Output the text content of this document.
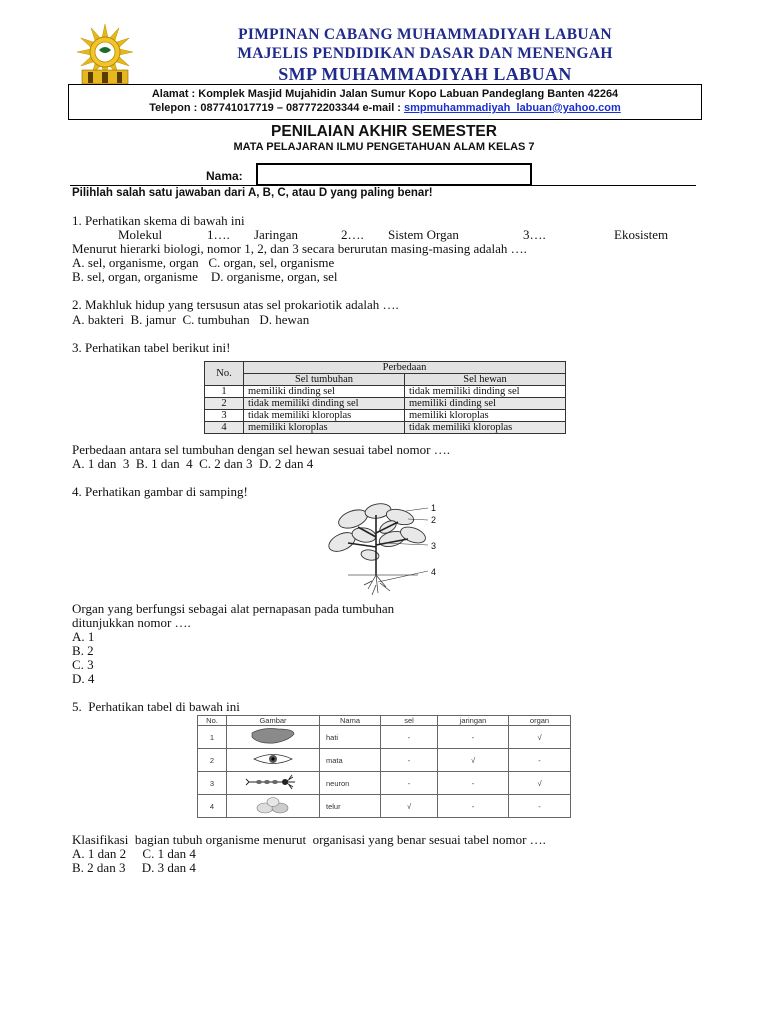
PIMPINAN CABANG MUHAMMADIYAH LABUAN
MAJELIS PENDIDIKAN DASAR DAN MENENGAH
SMP MUHAMMADIYAH LABUAN
Alamat : Komplek Masjid Mujahidin Jalan Sumur Kopo Labuan Pandeglang Banten 42264
Telepon : 087741017719 – 087772203344 e-mail : smpmuhammadiyah_labuan@yahoo.com
PENILAIAN AKHIR SEMESTER
MATA PELAJARAN ILMU PENGETAHUAN ALAM KELAS 7
Nama:
Pilihlah salah satu jawaban dari A, B, C, atau D yang paling benar!
1. Perhatikan skema di bawah ini
Molekul	1…. Jaringan	2…. Sistem Organ	3….	Ekosistem
Menurut hierarki biologi, nomor 1, 2, dan 3 secara berurutan masing-masing adalah ….
A. sel, organisme, organ   C. organ, sel, organisme
B. sel, organ, organisme    D. organisme, organ, sel
2. Makhluk hidup yang tersusun atas sel prokariotik adalah ….
A. bakteri  B. jamur  C. tumbuhan   D. hewan
3. Perhatikan tabel berikut ini!
No.	Perbedaan	
	Sel tumbuhan	Sel hewan
1	memiliki dinding sel	tidak memiliki dinding sel
2	tidak memiliki dinding sel	memiliki dinding sel
3	tidak memiliki kloroplas	memiliki kloroplas
4	memiliki kloroplas	tidak memiliki kloroplas
Perbedaan antara sel tumbuhan dengan sel hewan sesuai tabel nomor ….
A. 1 dan  3  B. 1 dan  4  C. 2 dan 3  D. 2 dan 4
4. Perhatikan gambar di samping!
1
2
3
4
Organ yang berfungsi sebagai alat pernapasan pada tumbuhan
ditunjukkan nomor ….
A. 1
B. 2
C. 3
D. 4
5.  Perhatikan tabel di bawah ini
No.	Gambar	Nama	sel	jaringan	organ
1		hati	-	-	√
2		mata	-	√	-
3		neuron	-	-	√
4		telur	√	-	-
Klasifikasi  bagian tubuh organisme menurut  organisasi yang benar sesuai tabel nomor ….
A. 1 dan 2     C. 1 dan 4
B. 2 dan 3     D. 3 dan 4
